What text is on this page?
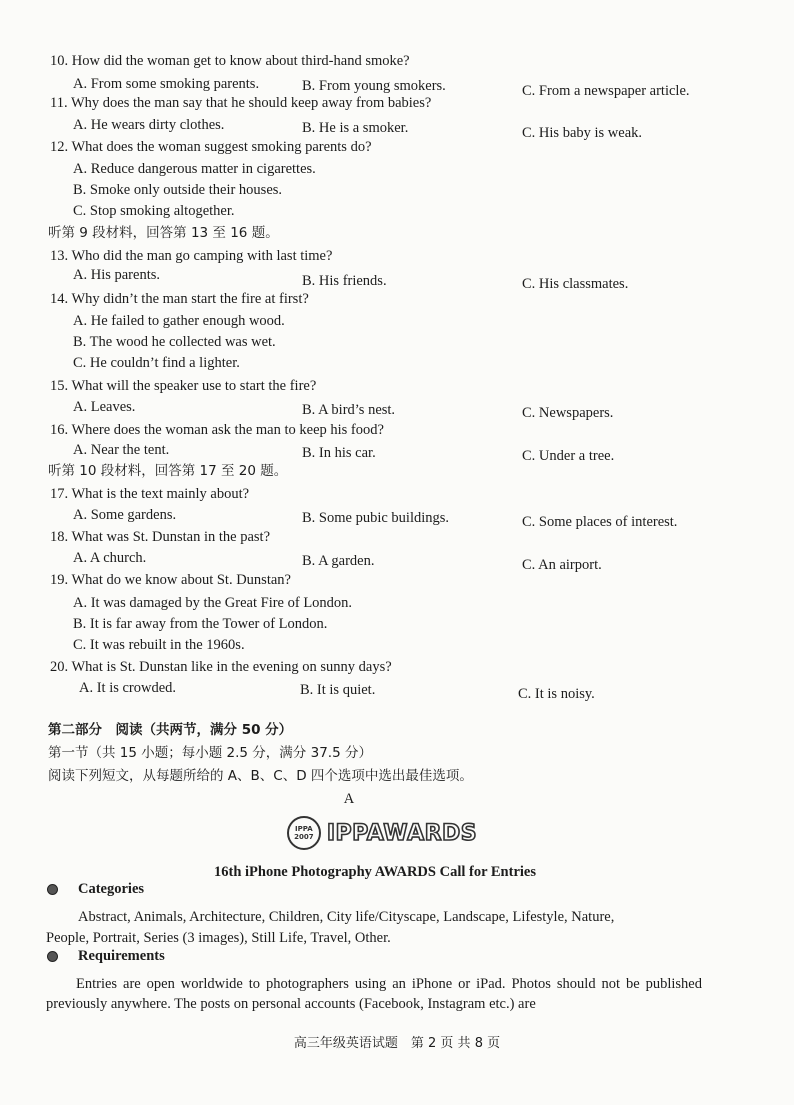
10. How did the woman get to know about third-hand smoke?
A. From some smoking parents.	B. From young smokers.	C. From a newspaper article.
11. Why does the man say that he should keep away from babies?
A. He wears dirty clothes.	B. He is a smoker.	C. His baby is weak.
12. What does the woman suggest smoking parents do?
A. Reduce dangerous matter in cigarettes.
B. Smoke only outside their houses.
C. Stop smoking altogether.
听第 9 段材料，回答第 13 至 16 题。
13. Who did the man go camping with last time?
A. His parents.	B. His friends.	C. His classmates.
14. Why didn’t the man start the fire at first?
A. He failed to gather enough wood.
B. The wood he collected was wet.
C. He couldn’t find a lighter.
15. What will the speaker use to start the fire?
A. Leaves.	B. A bird’s nest.	C. Newspapers.
16. Where does the woman ask the man to keep his food?
A. Near the tent.	B. In his car.	C. Under a tree.
听第 10 段材料，回答第 17 至 20 题。
17. What is the text mainly about?
A. Some gardens.	B. Some pubic buildings.	C. Some places of interest.
18. What was St. Dunstan in the past?
A. A church.	B. A garden.	C. An airport.
19. What do we know about St. Dunstan?
A. It was damaged by the Great Fire of London.
B. It is far away from the Tower of London.
C. It was rebuilt in the 1960s.
20. What is St. Dunstan like in the evening on sunny days?
A. It is crowded.	B. It is quiet.	C. It is noisy.
第二部分　阅读（共两节，满分 50 分）
第一节（共 15 小题；每小题 2.5 分，满分 37.5 分）
阅读下列短文，从每题所给的 A、B、C、D 四个选项中选出最佳选项。
A
IPPA
2007 IPPAWARDS
16th iPhone Photography AWARDS Call for Entries
Categories
Abstract, Animals, Architecture, Children, City life/Cityscape, Landscape, Lifestyle, Nature,
People, Portrait, Series (3 images), Still Life, Travel, Other.
Requirements
Entries are open worldwide to photographers using an iPhone or iPad. Photos should not be published previously anywhere. The posts on personal accounts (Facebook, Instagram etc.) are
高三年级英语试题　第 2 页 共 8 页
